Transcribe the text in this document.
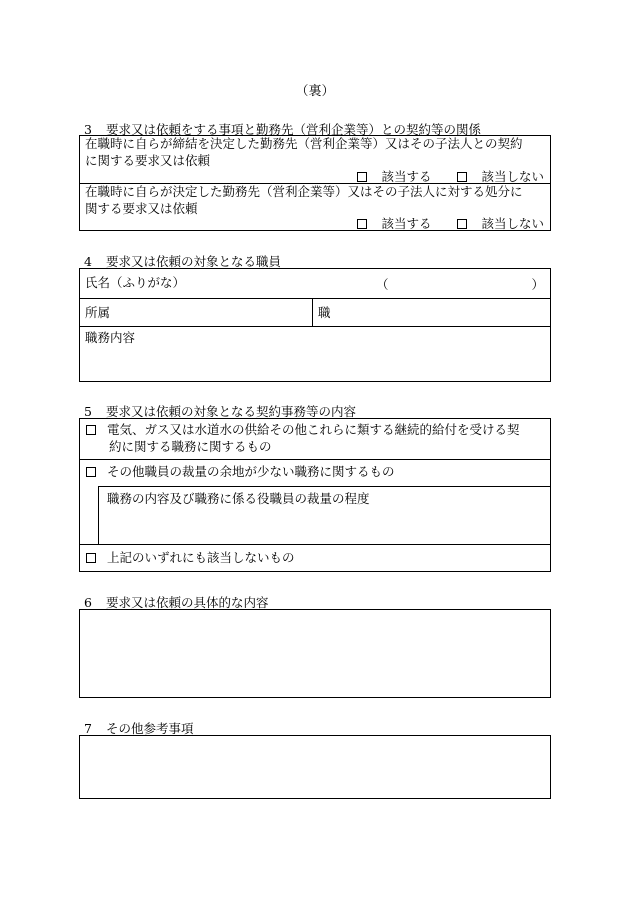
（裏）
3 要求又は依頼をする事項と勤務先（営利企業等）との契約等の関係
在職時に自らが締結を決定した勤務先（営利企業等）又はその子法人との契約
に関する要求又は依頼
該当する	該当しない
在職時に自らが決定した勤務先（営利企業等）又はその子法人に対する処分に
関する要求又は依頼
該当する	該当しない
4 要求又は依頼の対象となる職員
氏名（ふりがな）	（	）
所属	職
職務内容
5 要求又は依頼の対象となる契約事務等の内容
電気、ガス又は水道水の供給その他これらに類する継続的給付を受ける契
約に関する職務に関するもの
その他職員の裁量の余地が少ない職務に関するもの
職務の内容及び職務に係る役職員の裁量の程度
上記のいずれにも該当しないもの
6 要求又は依頼の具体的な内容
7 その他参考事項
